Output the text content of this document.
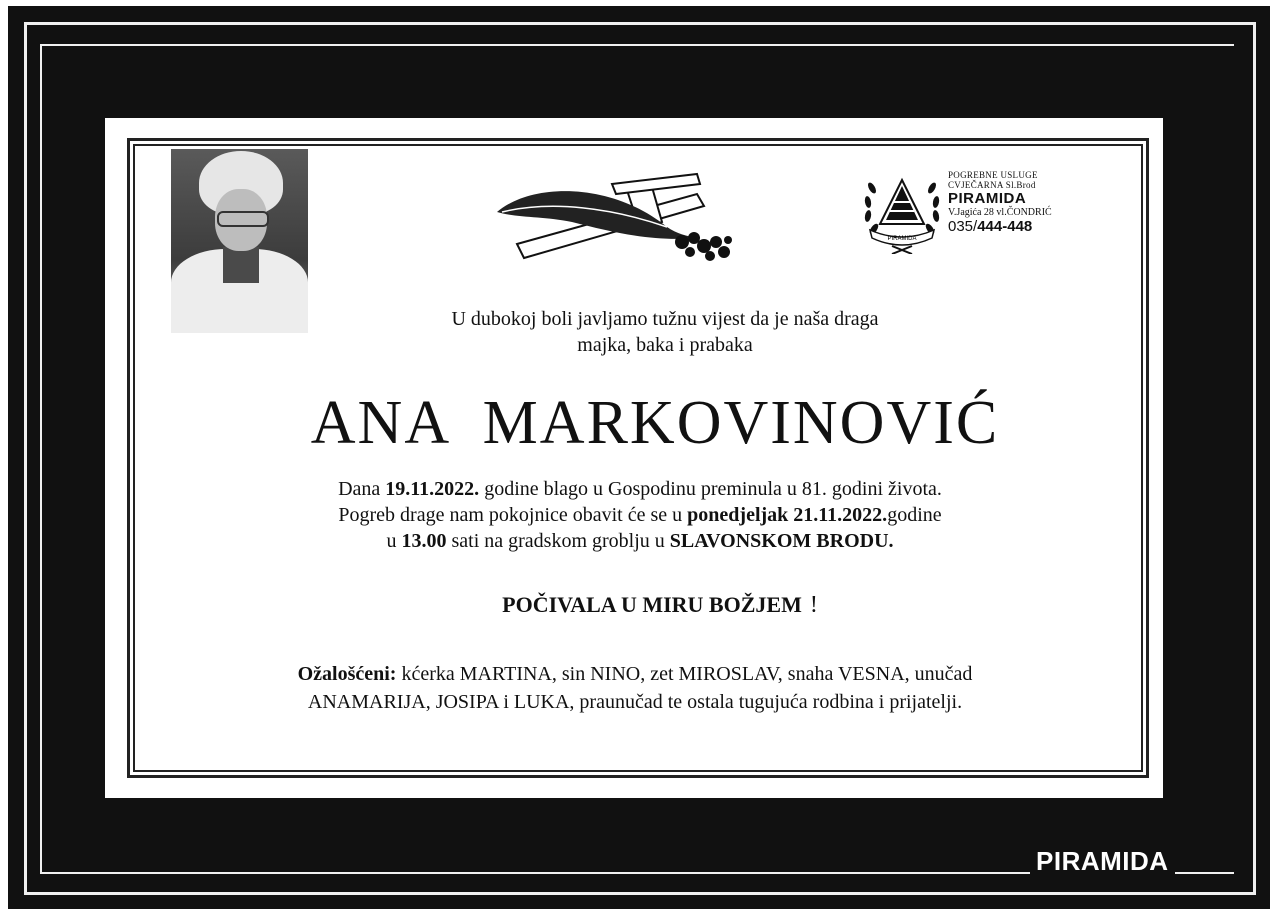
PIRAMIDA
POGREBNE USLUGE
CVJEČARNA Sl.Brod
PIRAMIDA
V.Jagića 28 vl.ČONDRIĆ
035/444-448
U dubokoj boli javljamo tužnu vijest da je naša draga
majka, baka i prabaka
ANA  MARKOVINOVIĆ
Dana 19.11.2022. godine blago u Gospodinu preminula u 81. godini života.
Pogreb drage nam pokojnice obavit će se u ponedjeljak 21.11.2022.godine
u 13.00 sati na gradskom groblju u SLAVONSKOM BRODU.
POČIVALA U MIRU BOŽJEM !
Ožalošćeni: kćerka MARTINA, sin NINO, zet MIROSLAV, snaha VESNA, unučad
ANAMARIJA, JOSIPA i LUKA, praunučad te ostala tugujuća rodbina i prijatelji.
PIRAMIDA
